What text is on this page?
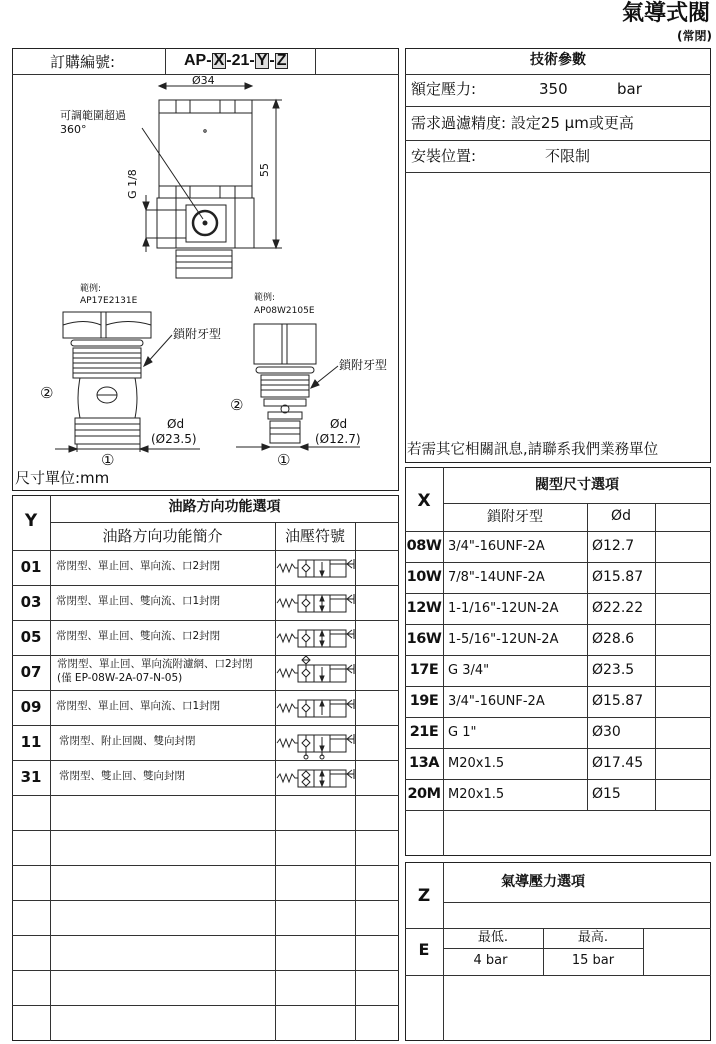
氣導式閥
(常閉)
訂購編號:	AP- X -21- Y - Z
Ø34
55
G 1/8
可調範圍超過
360°
範例:
AP17E2131E	範例:
AP08W2105E
鎖附牙型
鎖附牙型
②
②
①	①
Ød
(Ø23.5)
Ød
(Ø12.7)
尺寸單位:mm
技術參數
額定壓力:	350	bar
需求過濾精度: 設定25 μm或更高
安裝位置:	不限制
若需其它相關訊息,請聯系我們業務單位
Z
氣導壓力選項
E
最低.	最高.
4 bar	15 bar
Y
油路方向功能選項
油路方向功能簡介	油壓符號
01	常閉型、單止回、單向流、口2封閉
03	常閉型、單止回、雙向流、口1封閉
05	常閉型、單止回、雙向流、口2封閉
07	常閉型、單止回、單向流附濾網、口2封閉
(僅 EP-08W-2A-07-N-05)
09	常閉型、單止回、單向流、口1封閉
11	常閉型、附止回閥、雙向封閉
31	常閉型、雙止回、雙向封閉
X
閥型尺寸選項
鎖附牙型	Ød
08W 3/4"-16UNF-2A	Ø12.7
10W 7/8"-14UNF-2A	Ø15.87
12W 1-1/16"-12UN-2A Ø22.22
16W 1-5/16"-12UN-2A Ø28.6
17E G 3/4"	Ø23.5
19E 3/4"-16UNF-2A	Ø15.87
21E G 1"	Ø30
13A M20x1.5	Ø17.45
20M M20x1.5	Ø15
